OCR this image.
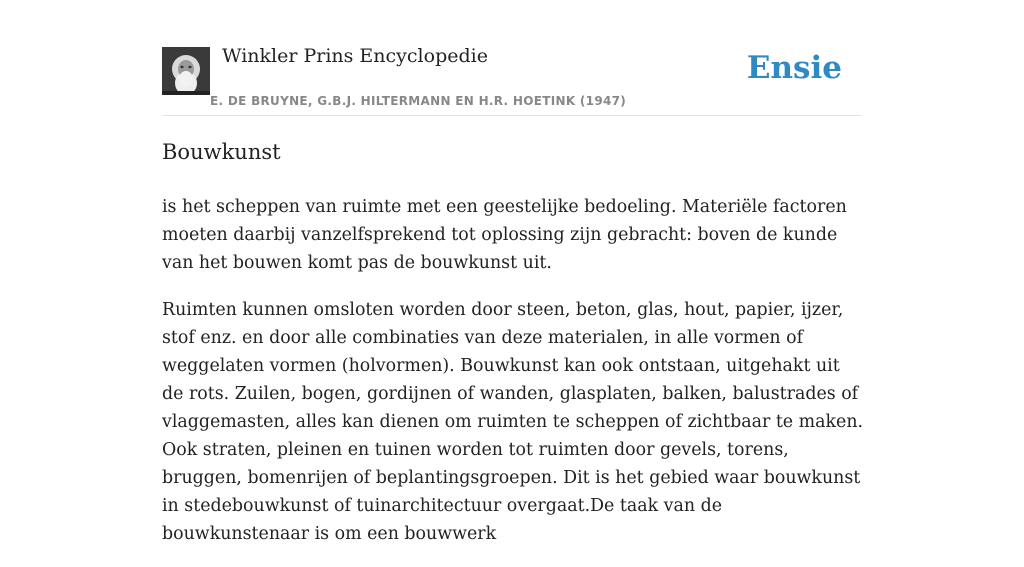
Winkler Prins Encyclopedie
E. DE BRUYNE, G.B.J. HILTERMANN EN H.R. HOETINK (1947)
Ensie
Bouwkunst

is het scheppen van ruimte met een geestelijke bedoeling. Materiële factoren moeten daarbij vanzelfsprekend tot oplossing zijn gebracht: boven de kunde van het bouwen komt pas de bouwkunst uit.

Ruimten kunnen omsloten worden door steen, beton, glas, hout, papier, ijzer, stof enz. en door alle combinaties van deze materialen, in alle vormen of weggelaten vormen (holvormen). Bouwkunst kan ook ontstaan, uitgehakt uit de rots. Zuilen, bogen, gordijnen of wanden, glasplaten, balken, balustrades of vlaggemasten, alles kan dienen om ruimten te scheppen of zichtbaar te maken. Ook straten, pleinen en tuinen worden tot ruimten door gevels, torens, bruggen, bomenrijen of beplantingsgroepen. Dit is het gebied waar bouwkunst in stedebouwkunst of tuinarchitectuur overgaat.De taak van de bouwkunstenaar is om een bouwwerk
